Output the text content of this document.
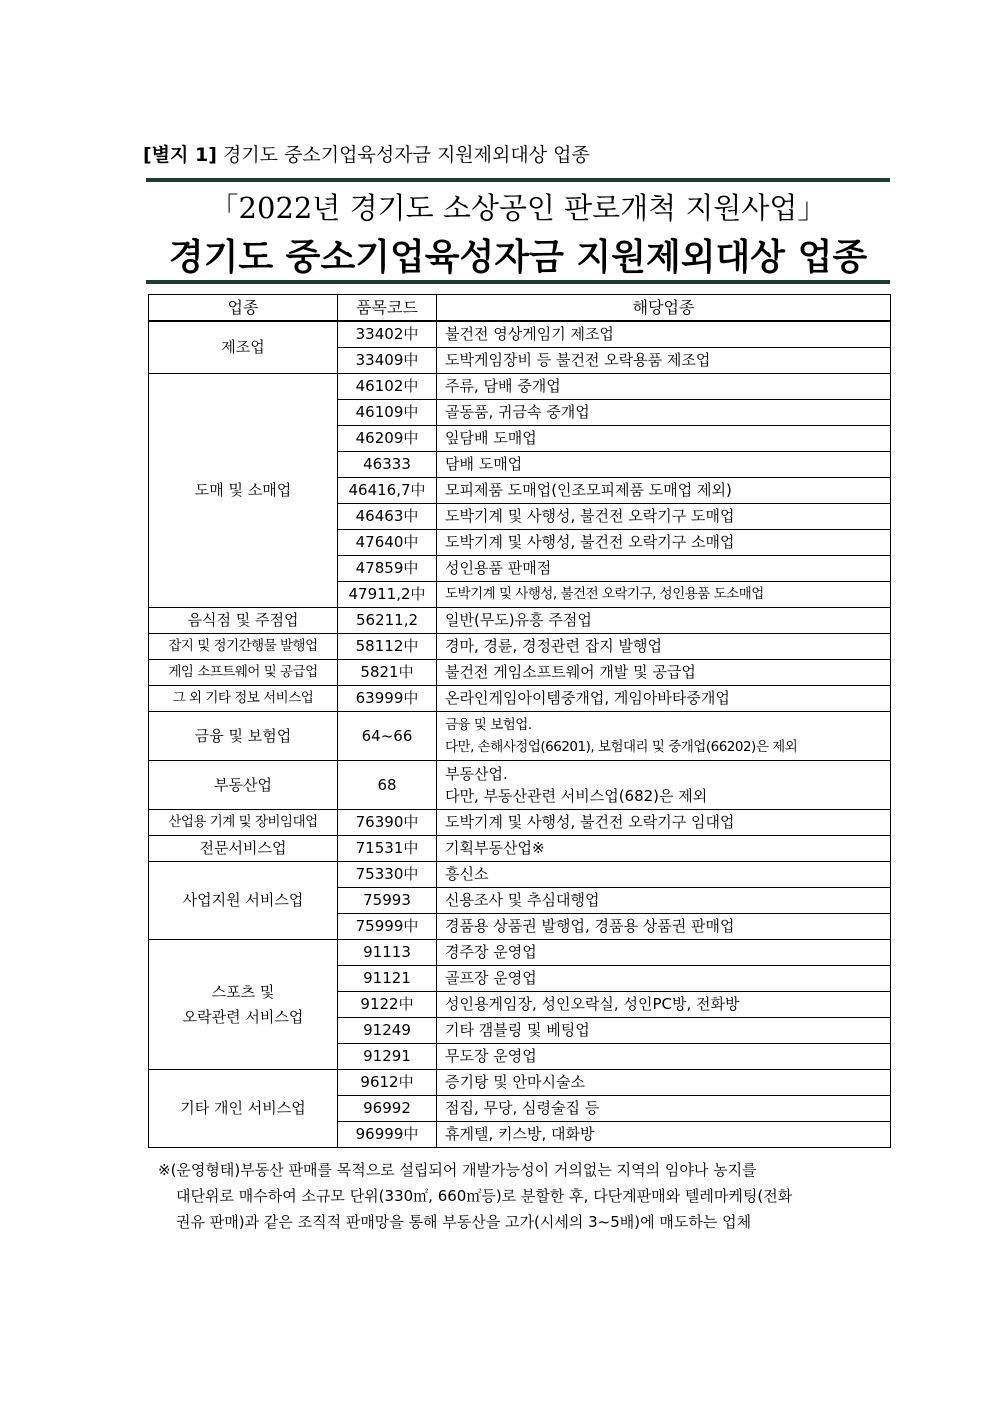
[별지 1] 경기도 중소기업육성자금 지원제외대상 업종
「2022년 경기도 소상공인 판로개척 지원사업」
경기도 중소기업육성자금 지원제외대상 업종
업종	품목코드	해당업종
제조업	33402中	불건전 영상게임기 제조업
	33409中	도박게임장비 등 불건전 오락용품 제조업
도매 및 소매업	46102中	주류, 담배 중개업
	46109中	골동품, 귀금속 중개업
	46209中	잎담배 도매업
	46333	담배 도매업
	46416,7中	모피제품 도매업(인조모피제품 도매업 제외)
	46463中	도박기계 및 사행성, 불건전 오락기구 도매업
	47640中	도박기계 및 사행성, 불건전 오락기구 소매업
	47859中	성인용품 판매점
	47911,2中	도박기계 및 사행성, 불건전 오락기구, 성인용품 도소매업
음식점 및 주점업	56211,2	일반(무도)유흥 주점업
잡지 및 정기간행물 발행업	58112中	경마, 경륜, 경정관련 잡지 발행업
게임 소프트웨어 및 공급업	5821中	불건전 게임소프트웨어 개발 및 공급업
그 외 기타 정보 서비스업	63999中	온라인게임아이템중개업, 게임아바타중개업
금융 및 보험업	64~66	금융 및 보험업.
다만, 손해사정업(66201), 보험대리 및 중개업(66202)은 제외

부동산업	68	부동산업.
다만, 부동산관련 서비스업(682)은 제외

산업용 기계 및 장비임대업	76390中	도박기계 및 사행성, 불건전 오락기구 임대업
전문서비스업	71531中	기획부동산업※
사업지원 서비스업	75330中	흥신소
	75993	신용조사 및 추심대행업
	75999中	경품용 상품권 발행업, 경품용 상품권 판매업

스포츠 및
오락관련 서비스업	91113	경주장 운영업
	91121	골프장 운영업
	9122中	성인용게임장, 성인오락실, 성인PC방, 전화방
	91249	기타 갬블링 및 베팅업
	91291	무도장 운영업
기타 개인 서비스업	9612中	증기탕 및 안마시술소
	96992	점집, 무당, 심령술집 등
	96999中	휴게텔, 키스방, 대화방
※(운영형태)부동산 판매를 목적으로 설립되어 개발가능성이 거의없는 지역의 임야나 농지를
대단위로 매수하여 소규모 단위(330㎡, 660㎡등)로 분할한 후, 다단계판매와 텔레마케팅(전화
권유 판매)과 같은 조직적 판매망을 통해 부동산을 고가(시세의 3~5배)에 매도하는 업체
